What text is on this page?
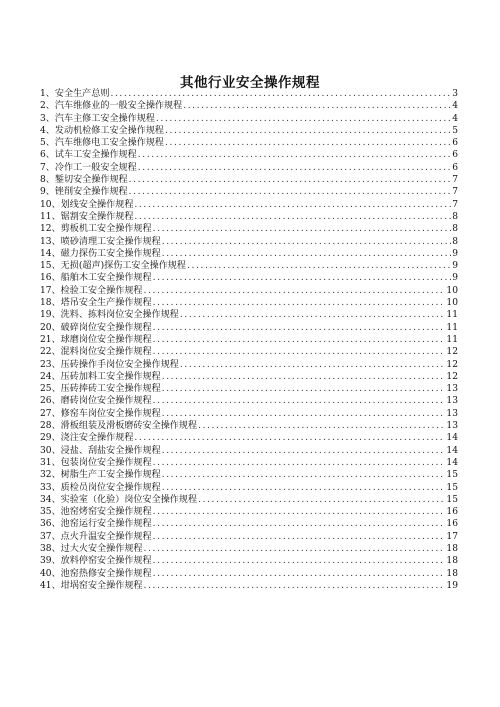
其他行业安全操作规程
1、安全生产总则 .....	3
2、汽车维修业的一般安全操作规程 .....	4
3、汽车主修工安全操作规程 .....	4
4、发动机检修工安全操作规程 .....	5
5、汽车维修电工安全操作规程 .....	6
6、试车工安全操作规程 .....	6
7、冷作工一般安全规程 .....	6
8、錾切安全操作规程 .....	7
9、锉削安全操作规程 .....	7
10、划线安全操作规程 .....	7
11、锯割安全操作规程 .....	8
12、剪板机工安全操作规程 .....	8
13、喷砂清理工安全操作规程 .....	8
14、磁力探伤工安全操作规程 .....	9
15、无损(超声)探伤工安全操作规程 .....	9
16、船舶木工安全操作规程 .....	9
17、检验工安全操作规程 .....	10
18、塔吊安全生产操作规程 .....	10
19、洗料、拣料岗位安全操作规程 .....	11
20、破碎岗位安全操作规程 .....	11
21、球磨岗位安全操作规程 .....	11
22、混料岗位安全操作规程 .....	12
23、压砖操作手岗位安全操作规程 .....	12
24、压砖加料工安全操作规程 .....	12
25、压砖捧砖工安全操作规程 .....	13
26、磨砖岗位安全操作规程 .....	13
27、修窑车岗位安全操作规程 .....	13
28、滑板组装及滑板磨砖安全操作规程 .....	13
29、浇注安全操作规程 .....	14
30、浸盐、刮盐安全操作规程 .....	14
31、包装岗位安全操作规程 .....	14
32、树脂生产工安全操作规程 .....	15
33、质检员岗位安全操作规程 .....	15
34、实验室（化验）岗位安全操作规程 .....	15
35、池窑烤窑安全操作规程 .....	16
36、池窑运行安全操作规程 .....	16
37、点火升温安全操作规程 .....	17
38、过大火安全操作规程 .....	18
39、放料停窑安全操作规程 .....	18
40、池窑热修安全操作规程 .....	18
41、坩埚窑安全操作规程 .....	19
